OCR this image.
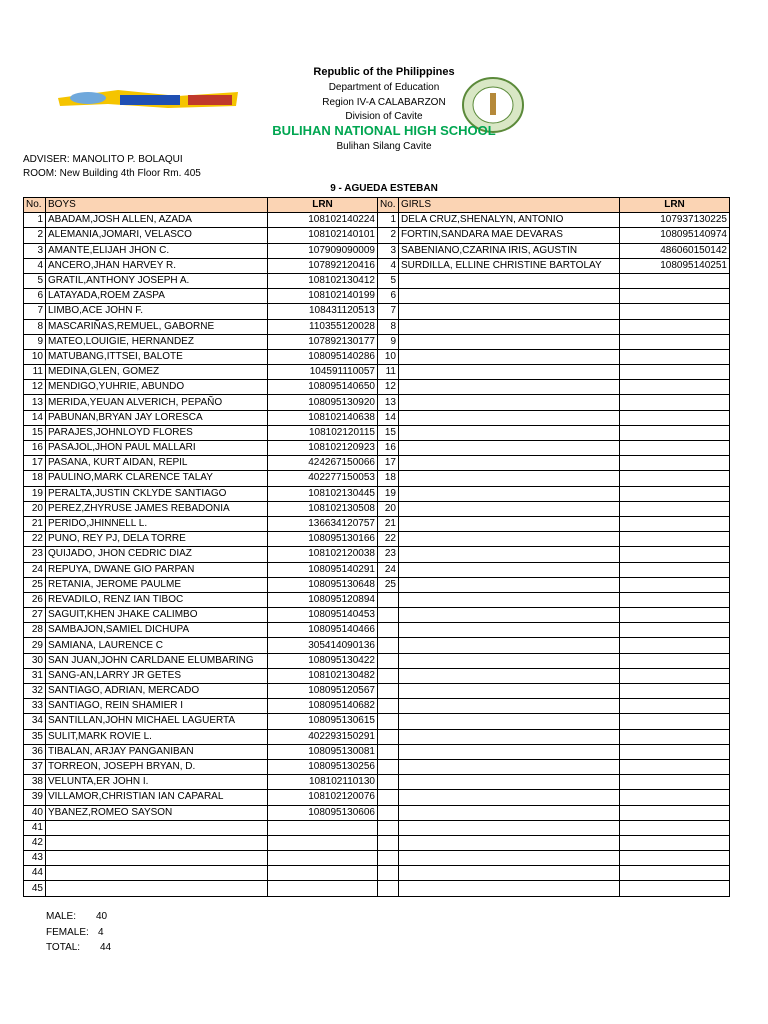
Republic of the Philippines
Department of Education
Region IV-A CALABARZON
Division of Cavite
BULIHAN NATIONAL HIGH SCHOOL
Bulihan Silang Cavite
ADVISER: MANOLITO P. BOLAQUI
ROOM: New Building 4th Floor Rm. 405
9 - AGUEDA ESTEBAN
No.	BOYS	LRN	No.	GIRLS	LRN
1	ABADAM,JOSH ALLEN, AZADA	108102140224	1	DELA CRUZ,SHENALYN, ANTONIO	107937130225
2	ALEMANIA,JOMARI, VELASCO	108102140101	2	FORTIN,SANDARA MAE DEVARAS	108095140974
3	AMANTE,ELIJAH JHON C.	107909090009	3	SABENIANO,CZARINA IRIS, AGUSTIN	486060150142
4	ANCERO,JHAN HARVEY R.	107892120416	4	SURDILLA, ELLINE CHRISTINE BARTOLAY	108095140251
5	GRATIL,ANTHONY JOSEPH A.	108102130412	5		
6	LATAYADA,ROEM ZASPA	108102140199	6		
7	LIMBO,ACE JOHN F.	108431120513	7		
8	MASCARIÑAS,REMUEL, GABORNE	110355120028	8		
9	MATEO,LOUIGIE, HERNANDEZ	107892130177	9		
10	MATUBANG,ITTSEI, BALOTE	108095140286	10		
11	MEDINA,GLEN, GOMEZ	104591110057	11		
12	MENDIGO,YUHRIE, ABUNDO	108095140650	12		
13	MERIDA,YEUAN ALVERICH, PEPAÑO	108095130920	13		
14	PABUNAN,BRYAN JAY LORESCA	108102140638	14		
15	PARAJES,JOHNLOYD FLORES	108102120115	15		
16	PASAJOL,JHON PAUL MALLARI	108102120923	16		
17	PASANA, KURT AIDAN, REPIL	424267150066	17		
18	PAULINO,MARK CLARENCE TALAY	402277150053	18		
19	PERALTA,JUSTIN CKLYDE SANTIAGO	108102130445	19		
20	PEREZ,ZHYRUSE JAMES REBADONIA	108102130508	20		
21	PERIDO,JHINNELL L.	136634120757	21		
22	PUNO, REY PJ, DELA TORRE	108095130166	22		
23	QUIJADO, JHON CEDRIC DIAZ	108102120038	23		
24	REPUYA, DWANE GIO PARPAN	108095140291	24		
25	RETANIA, JEROME PAULME	108095130648	25		
26	REVADILO, RENZ IAN TIBOC	108095120894			
27	SAGUIT,KHEN JHAKE CALIMBO	108095140453			
28	SAMBAJON,SAMIEL DICHUPA	108095140466			
29	SAMIANA, LAURENCE C	305414090136			
30	SAN JUAN,JOHN CARLDANE ELUMBARING	108095130422			
31	SANG-AN,LARRY JR GETES	108102130482			
32	SANTIAGO, ADRIAN, MERCADO	108095120567			
33	SANTIAGO, REIN SHAMIER I	108095140682			
34	SANTILLAN,JOHN MICHAEL LAGUERTA	108095130615			
35	SULIT,MARK ROVIE L.	402293150291			
36	TIBALAN, ARJAY PANGANIBAN	108095130081			
37	TORREON, JOSEPH BRYAN, D.	108095130256			
38	VELUNTA,ER JOHN I.	108102110130			
39	VILLAMOR,CHRISTIAN IAN CAPARAL	108102120076			
40	YBANEZ,ROMEO SAYSON	108095130606			
41					
42					
43					
44					
45					
MALE: 40
FEMALE: 4
TOTAL: 44
